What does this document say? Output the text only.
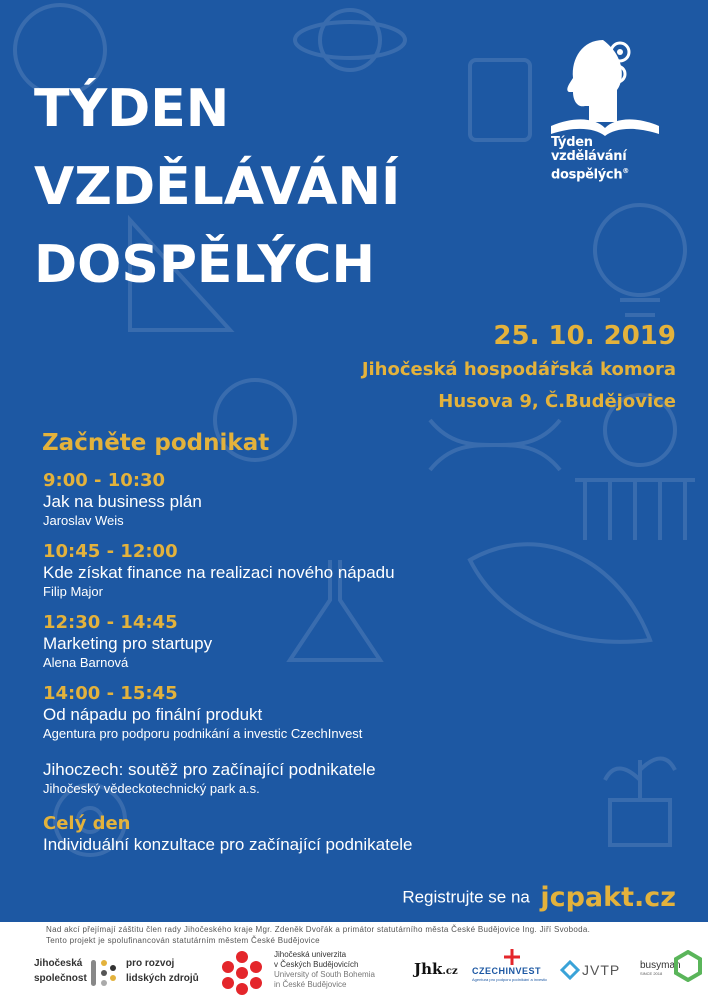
TÝDEN
VZDĚLÁVÁNÍ
DOSPĚLÝCH
Týden
vzdělávání
dospělých®
25. 10. 2019
Jihočeská hospodářská komora
Husova 9, Č.Budějovice
Začněte podnikat
9:00 - 10:30
Jak na business plán
Jaroslav Weis
10:45 - 12:00
Kde získat finance na realizaci nového nápadu
Filip Major
12:30 - 14:45
Marketing pro startupy
Alena Barnová
14:00 - 15:45
Od nápadu po finální produkt
Agentura pro podporu podnikání a investic CzechInvest
Jihoczech: soutěž pro začínající podnikatele
Jihočeský vědeckotechnický park a.s.
Celý den
Individuální konzultace pro začínající podnikatele
Registrujte se na jcpakt.cz
Nad akcí přejímají záštitu člen rady Jihočeského kraje Mgr. Zdeněk Dvořák a primátor statutárního města České Budějovice Ing. Jiří Svoboda.
Tento projekt je spolufinancován statutárním městem České Budějovice
Jihočeská
společnost
pro rozvoj
lidských zdrojů
Jihočeská univerzita
v Českých Budějovicích
University of South Bohemia
in České Budějovice
Jhk.cz CZECHINVEST
Agentura pro podporu podnikání a investic
JVTP busyman
SINCE 2018
